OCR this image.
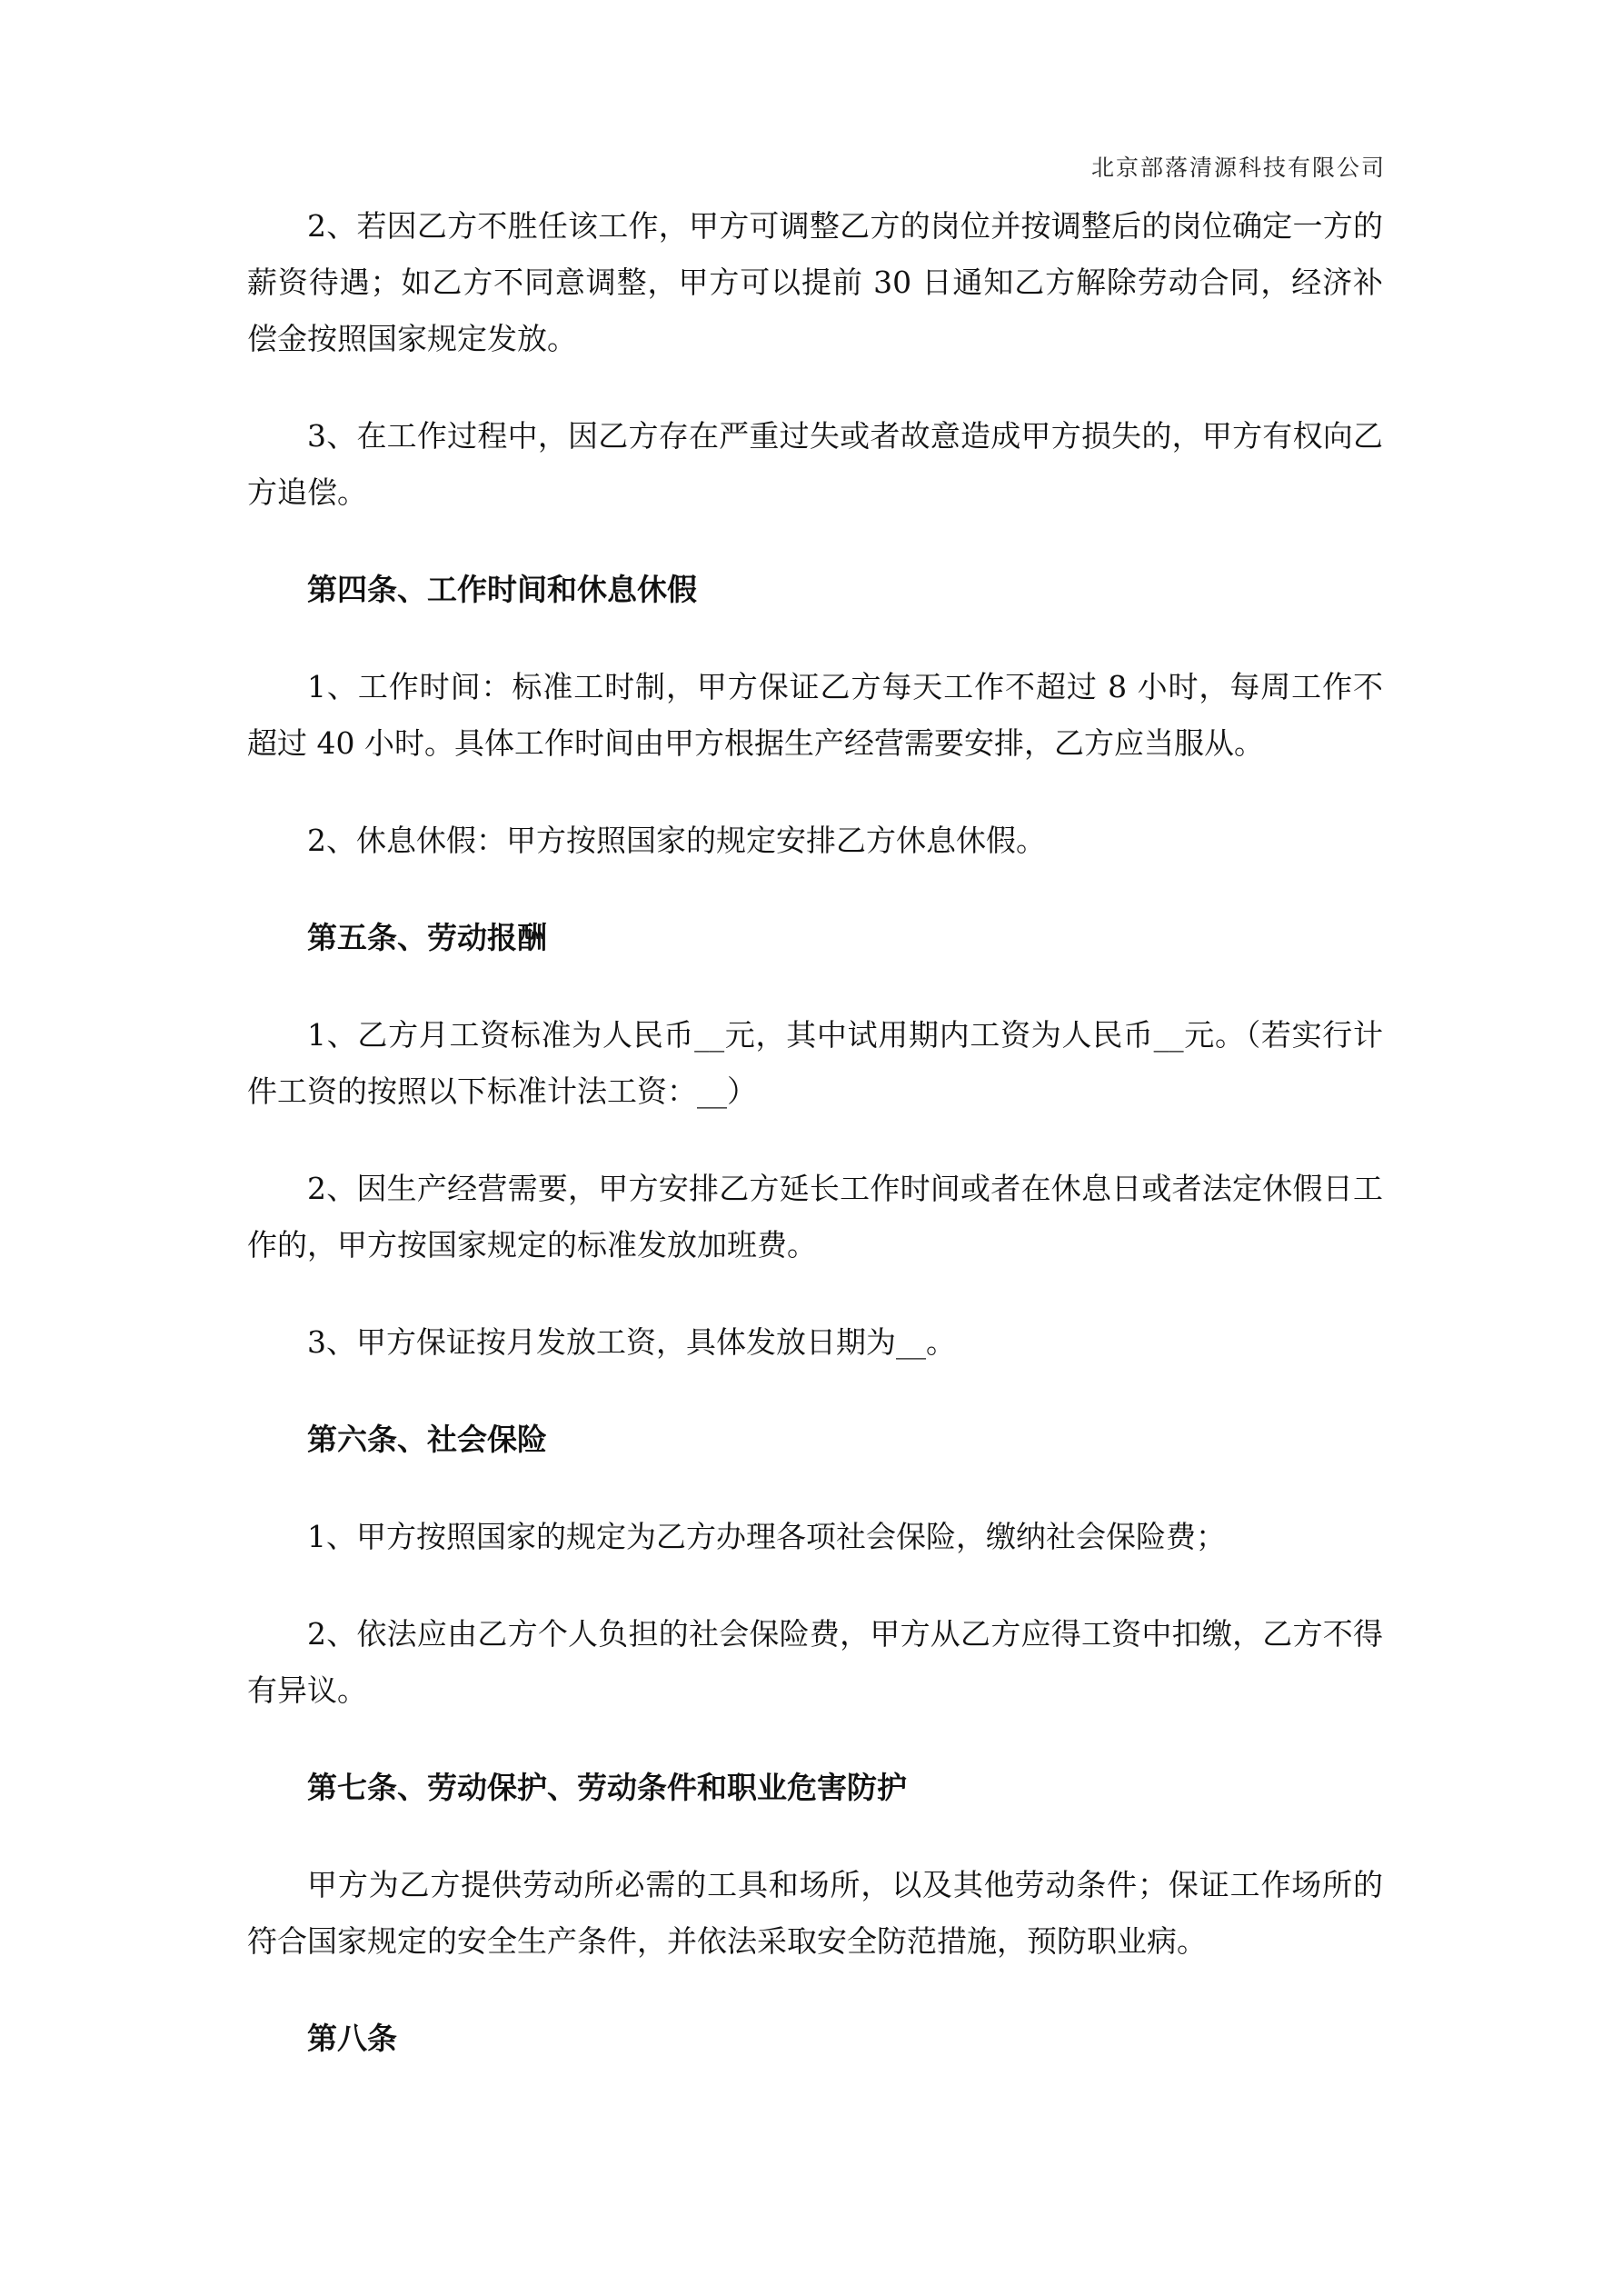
北京部落清源科技有限公司

2、若因乙方不胜任该工作，甲方可调整乙方的岗位并按调整后的岗位确定一方的薪资待遇；如乙方不同意调整，甲方可以提前 30 日通知乙方解除劳动合同，经济补偿金按照国家规定发放。

3、在工作过程中，因乙方存在严重过失或者故意造成甲方损失的，甲方有权向乙方追偿。

第四条、工作时间和休息休假

1、工作时间：标准工时制，甲方保证乙方每天工作不超过 8 小时，每周工作不超过 40 小时。具体工作时间由甲方根据生产经营需要安排，乙方应当服从。

2、休息休假：甲方按照国家的规定安排乙方休息休假。

第五条、劳动报酬

1、乙方月工资标准为人民币__元，其中试用期内工资为人民币__元。（若实行计件工资的按照以下标准计法工资：__）

2、因生产经营需要，甲方安排乙方延长工作时间或者在休息日或者法定休假日工作的，甲方按国家规定的标准发放加班费。

3、甲方保证按月发放工资，具体发放日期为__。

第六条、社会保险

1、甲方按照国家的规定为乙方办理各项社会保险，缴纳社会保险费；

2、依法应由乙方个人负担的社会保险费，甲方从乙方应得工资中扣缴，乙方不得有异议。

第七条、劳动保护、劳动条件和职业危害防护

甲方为乙方提供劳动所必需的工具和场所，以及其他劳动条件；保证工作场所的符合国家规定的安全生产条件，并依法采取安全防范措施，预防职业病。

第八条
